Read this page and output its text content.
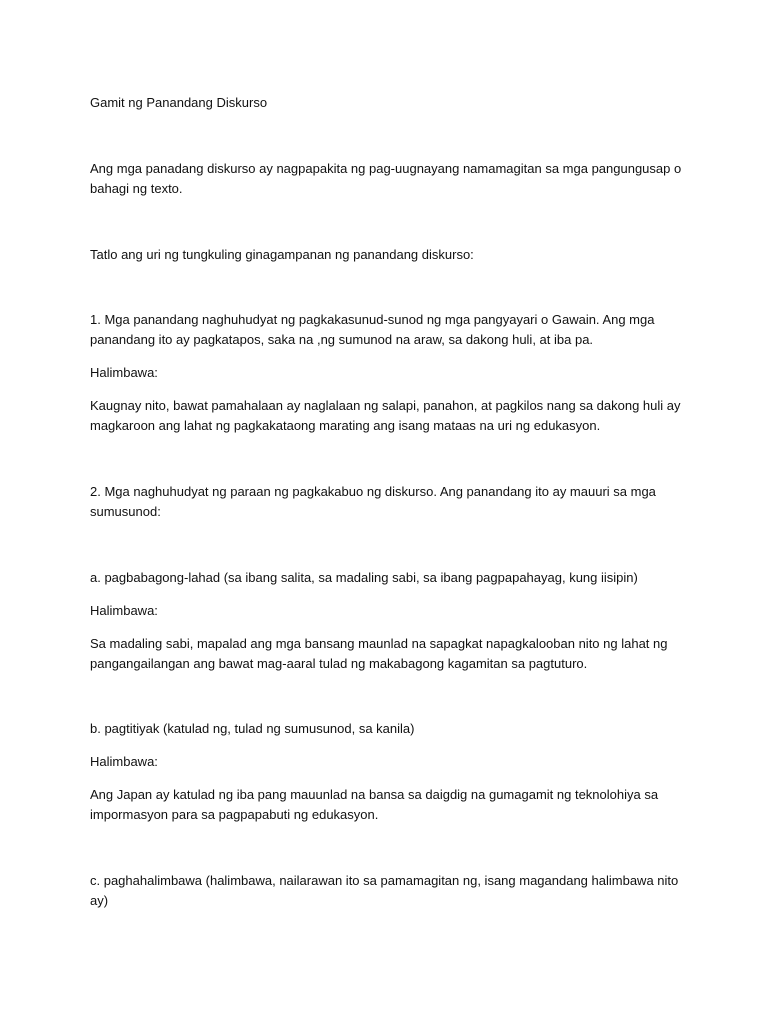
Gamit ng Panandang Diskurso

Ang mga panadang diskurso ay nagpapakita ng pag-uugnayang namamagitan sa mga pangungusap o bahagi ng texto.

Tatlo ang uri ng tungkuling ginagampanan ng panandang diskurso:

1. Mga panandang naghuhudyat ng pagkakasunud-sunod ng mga pangyayari o Gawain. Ang mga panandang ito ay pagkatapos, saka na ,ng sumunod na araw, sa dakong huli, at iba pa.

Halimbawa:

Kaugnay nito, bawat pamahalaan ay naglalaan ng salapi, panahon, at pagkilos nang sa dakong huli ay magkaroon ang lahat ng pagkakataong marating ang isang mataas na uri ng edukasyon.

2. Mga naghuhudyat ng paraan ng pagkakabuo ng diskurso. Ang panandang ito ay mauuri sa mga sumusunod:

a. pagbabagong-lahad (sa ibang salita, sa madaling sabi, sa ibang pagpapahayag, kung iisipin)

Halimbawa:

Sa madaling sabi, mapalad ang mga bansang maunlad na sapagkat napagkalooban nito ng lahat ng pangangailangan ang bawat mag-aaral tulad ng makabagong kagamitan sa pagtuturo.

b. pagtitiyak (katulad ng, tulad ng sumusunod, sa kanila)

Halimbawa:

Ang Japan ay katulad ng iba pang mauunlad na bansa sa daigdig na gumagamit ng teknolohiya sa impormasyon para sa pagpapabuti ng edukasyon.

c. paghahalimbawa (halimbawa, nailarawan ito sa pamamagitan ng, isang magandang halimbawa nito ay)
